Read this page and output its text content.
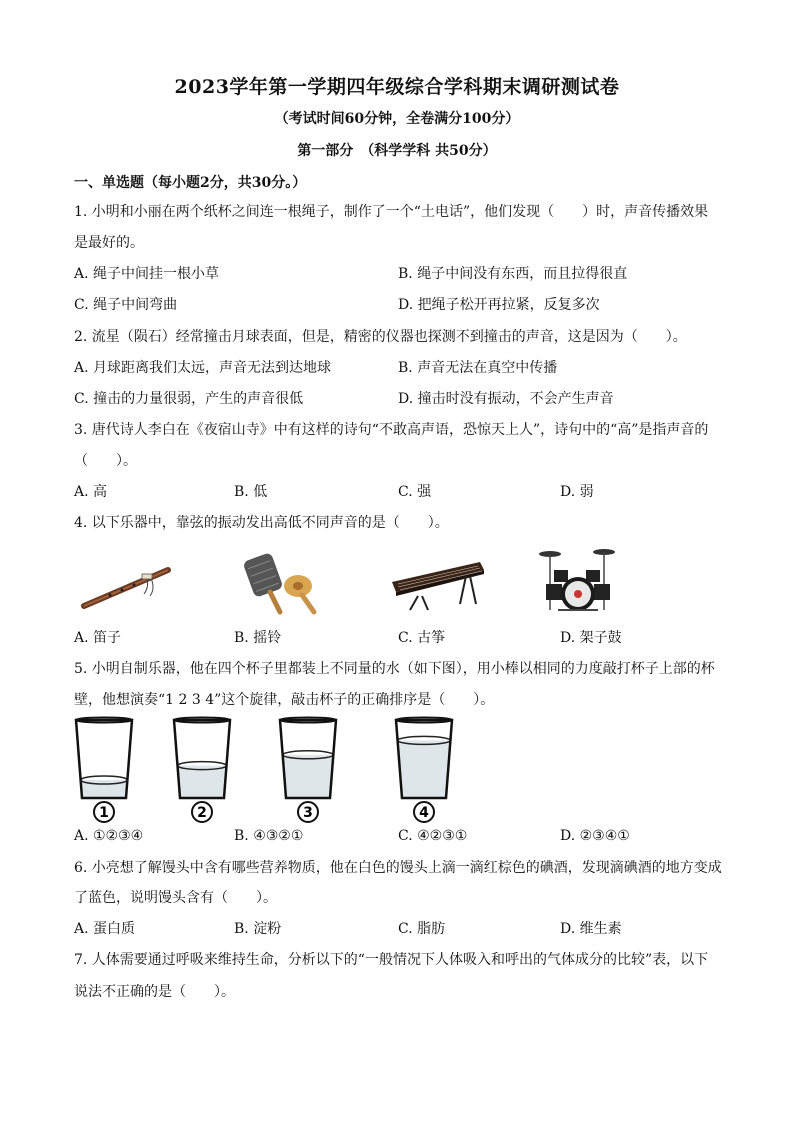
2023学年第一学期四年级综合学科期末调研测试卷
（考试时间60分钟，全卷满分100分）
第一部分　（科学学科 共50分）
一、单选题（每小题2分，共30分。）
1. 小明和小丽在两个纸杯之间连一根绳子，制作了一个“土电话”，他们发现（　　）时，声音传播效果
是最好的。
A. 绳子中间挂一根小草	B. 绳子中间没有东西，而且拉得很直
C. 绳子中间弯曲	D. 把绳子松开再拉紧，反复多次
2. 流星（陨石）经常撞击月球表面，但是，精密的仪器也探测不到撞击的声音，这是因为（　　）。
A. 月球距离我们太远，声音无法到达地球	B. 声音无法在真空中传播
C. 撞击的力量很弱，产生的声音很低	D. 撞击时没有振动，不会产生声音
3. 唐代诗人李白在《夜宿山寺》中有这样的诗句“不敢高声语，恐惊天上人”，诗句中的“高”是指声音的
（　　）。
A. 高	B. 低	C. 强	D. 弱
4. 以下乐器中，靠弦的振动发出高低不同声音的是（　　）。
A. 笛子	B. 摇铃	C. 古筝	D. 架子鼓
5. 小明自制乐器，他在四个杯子里都装上不同量的水（如下图），用小棒以相同的力度敲打杯子上部的杯
壁，他想演奏“1 2 3 4”这个旋律，敲击杯子的正确排序是（　　）。
1	2	3	4
A. ①②③④	B. ④③②①	C. ④②③①	D. ②③④①
6. 小亮想了解馒头中含有哪些营养物质，他在白色的馒头上滴一滴红棕色的碘酒，发现滴碘酒的地方变成
了蓝色，说明馒头含有（　　）。
A. 蛋白质	B. 淀粉	C. 脂肪	D. 维生素
7. 人体需要通过呼吸来维持生命，分析以下的“一般情况下人体吸入和呼出的气体成分的比较”表，以下
说法不正确的是（　　）。
